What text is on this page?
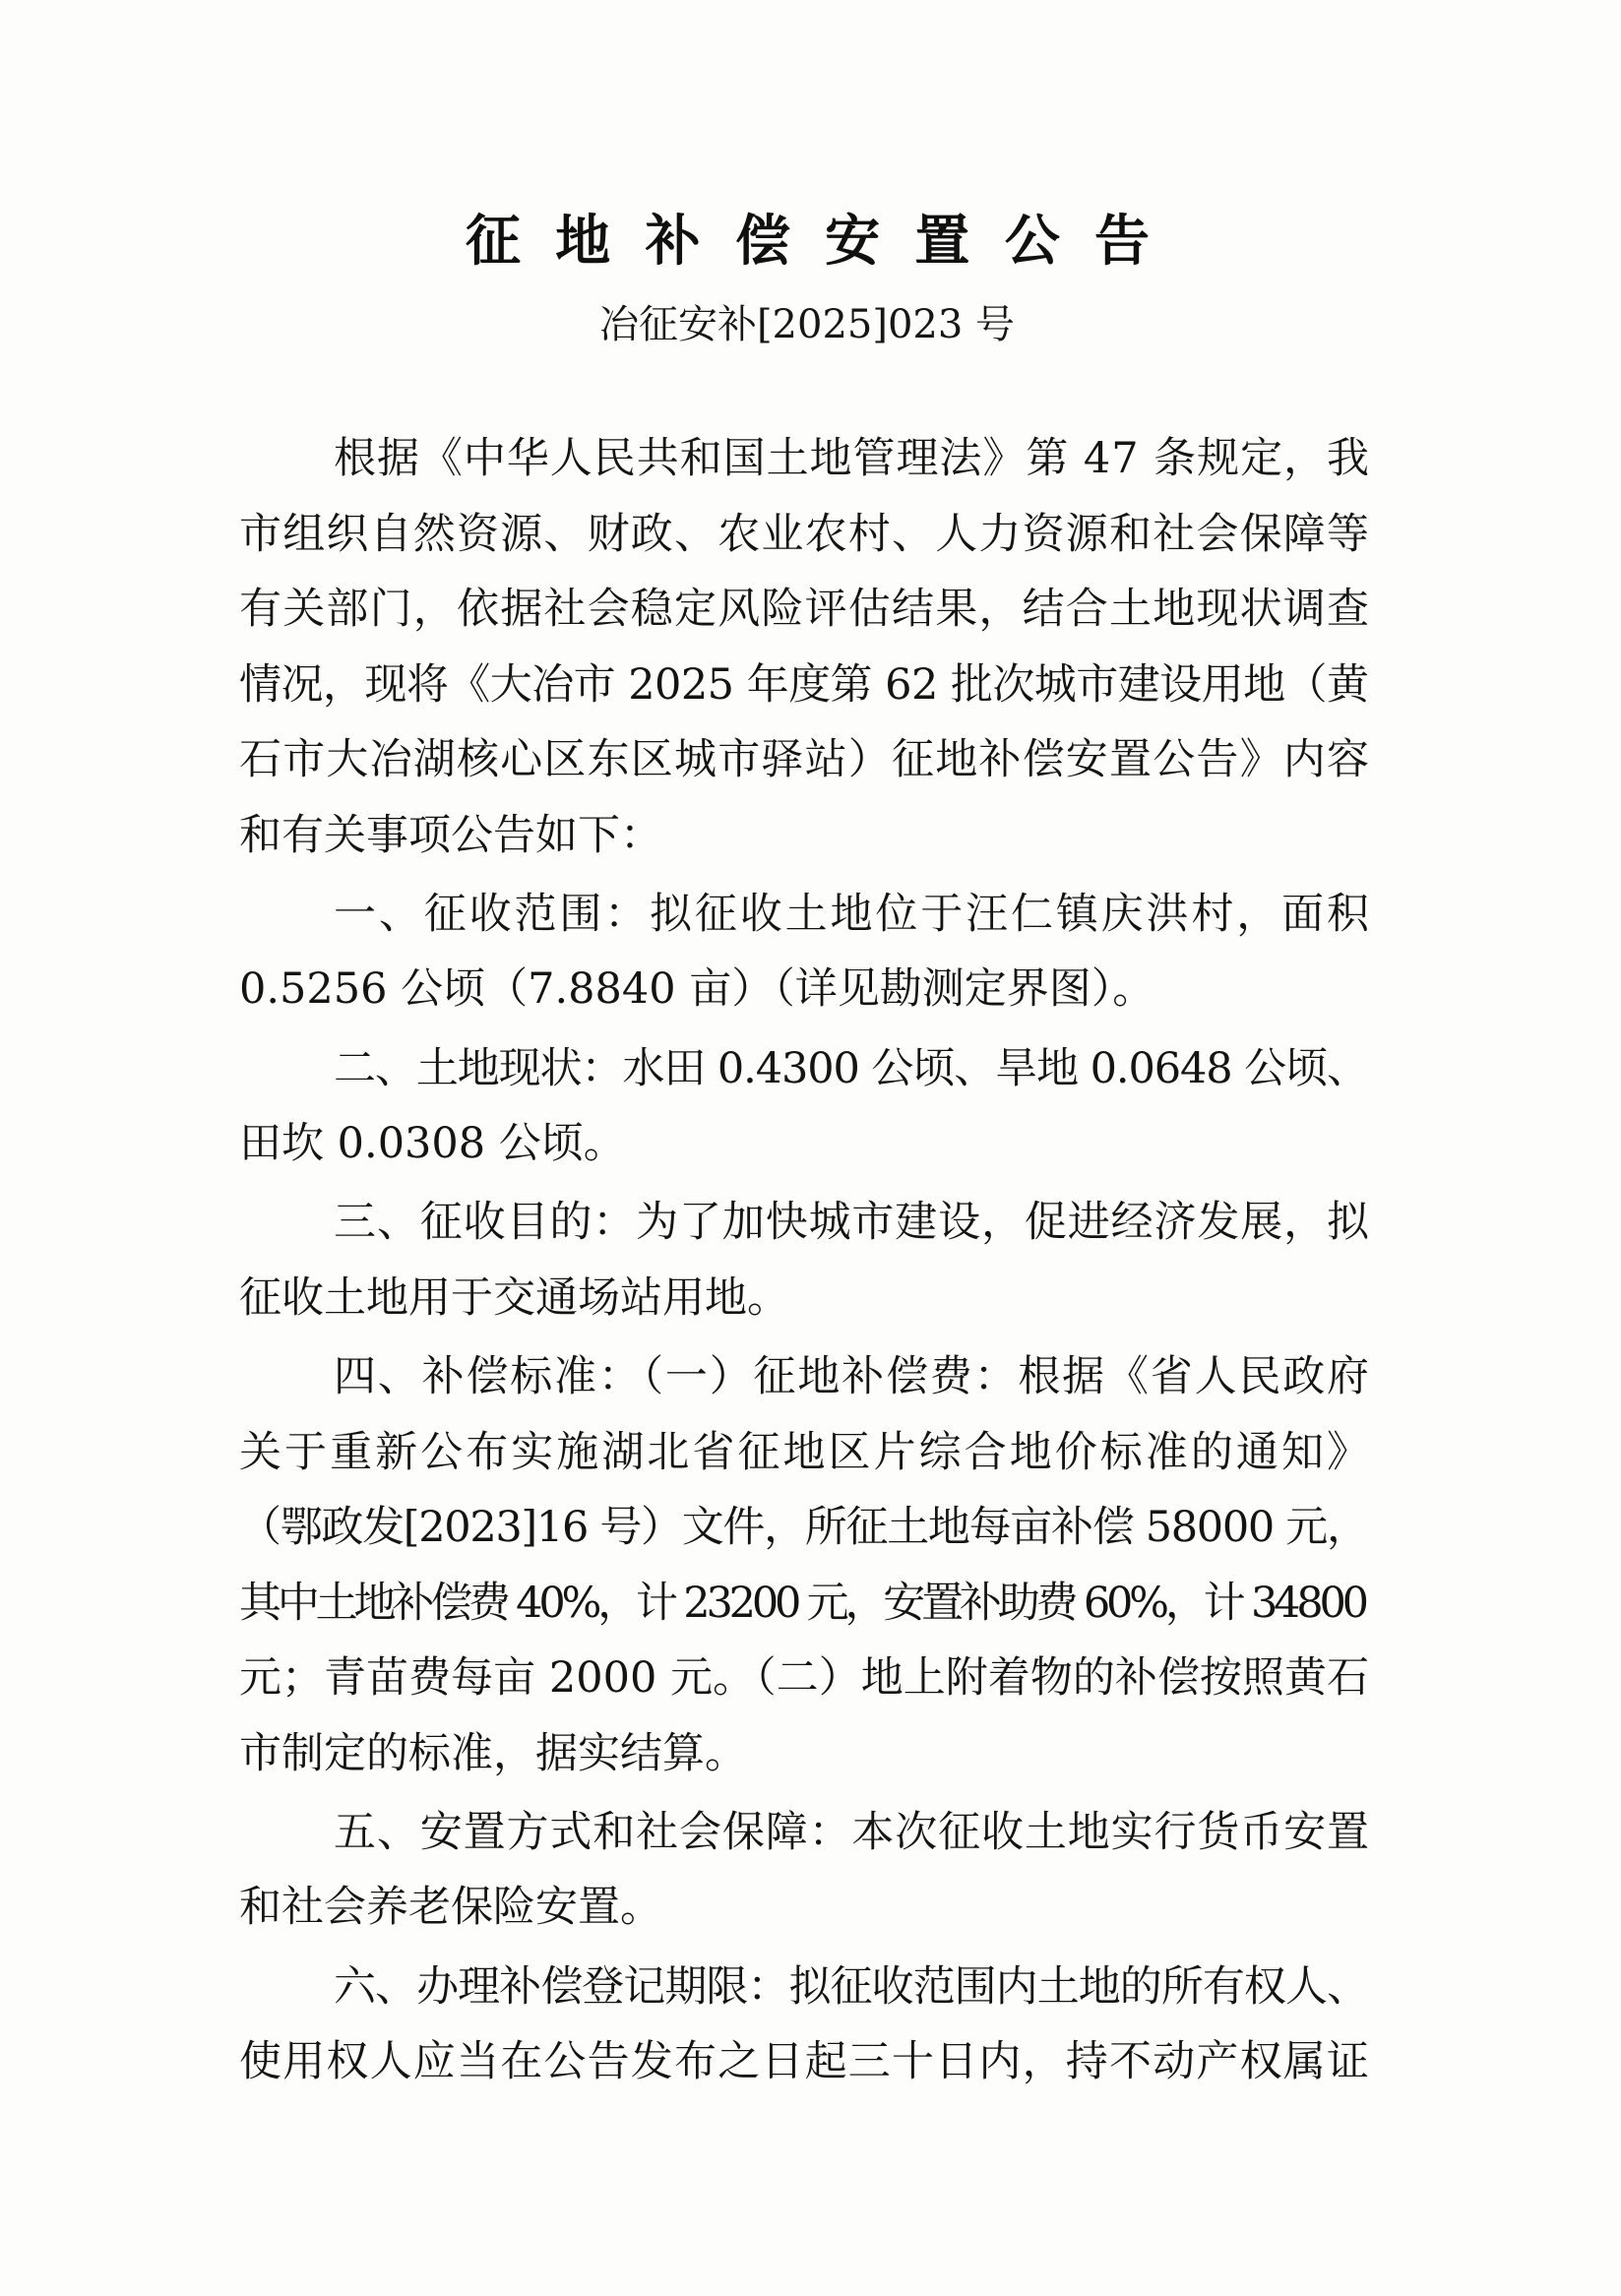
征地补偿安置公告
冶征安补[2025]023 号
根据《中华人民共和国土地管理法》第 47 条规定，我
市组织自然资源、财政、农业农村、人力资源和社会保障等
有关部门，依据社会稳定风险评估结果，结合土地现状调查
情况，现将《大冶市 2025 年度第 62 批次城市建设用地（黄
石市大冶湖核心区东区城市驿站）征地补偿安置公告》内容
和有关事项公告如下：
一、征收范围：拟征收土地位于汪仁镇庆洪村，面积
0.5256 公顷（7.8840 亩）（详见勘测定界图）。
二、土地现状：水田 0.4300 公顷、旱地 0.0648 公顷、
田坎 0.0308 公顷。
三、征收目的：为了加快城市建设，促进经济发展，拟
征收土地用于交通场站用地。
四、补偿标准：（一）征地补偿费：根据《省人民政府
关于重新公布实施湖北省征地区片综合地价标准的通知》
（鄂政发[2023]16 号）文件，所征土地每亩补偿 58000 元，
其中土地补偿费 40%，计 23200 元，安置补助费 60%，计 34800
元；青苗费每亩 2000 元。（二）地上附着物的补偿按照黄石
市制定的标准，据实结算。
五、安置方式和社会保障：本次征收土地实行货币安置
和社会养老保险安置。
六、办理补偿登记期限：拟征收范围内土地的所有权人、
使用权人应当在公告发布之日起三十日内，持不动产权属证
